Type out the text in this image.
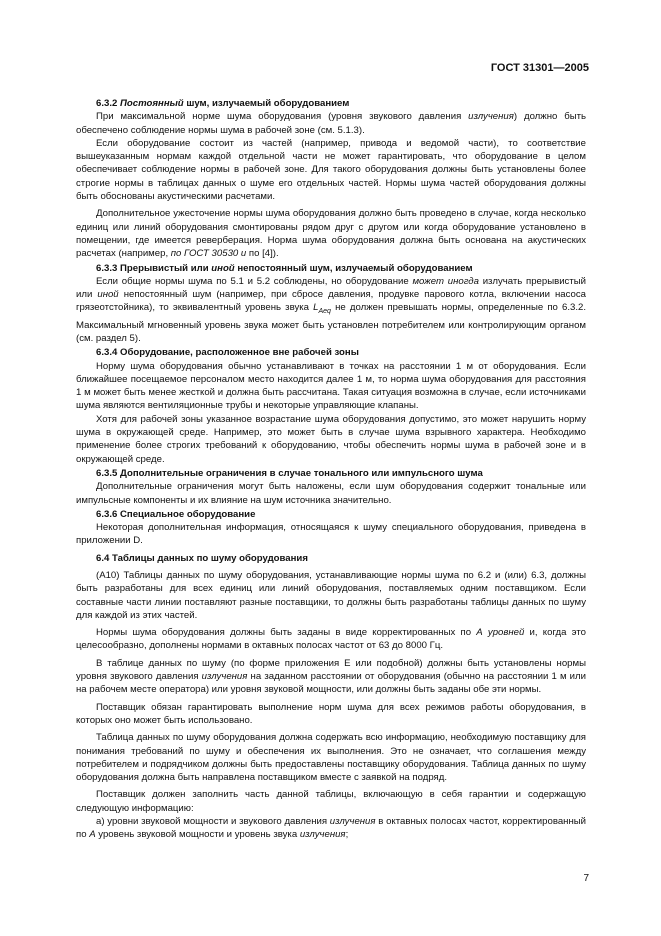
ГОСТ 31301—2005

6.3.2 Постоянный шум, излучаемый оборудованием

При максимальной норме шума оборудования (уровня звукового давления излучения) должно быть обеспечено соблюдение нормы шума в рабочей зоне (см. 5.1.3).

Если оборудование состоит из частей (например, привода и ведомой части), то соответствие вышеуказанным нормам каждой отдельной части не может гарантировать, что оборудование в целом обеспечивает соблюдение нормы в рабочей зоне. Для такого оборудования должны быть установлены более строгие нормы в таблицах данных о шуме его отдельных частей. Нормы шума частей оборудования должны быть обоснованы акустическими расчетами.

Дополнительное ужесточение нормы шума оборудования должно быть проведено в случае, когда несколько единиц или линий оборудования смонтированы рядом друг с другом или когда оборудование установлено в помещении, где имеется реверберация. Норма шума оборудования должна быть основана на акустических расчетах (например, по ГОСТ 30530 и по [4]).

6.3.3 Прерывистый или иной непостоянный шум, излучаемый оборудованием

Если общие нормы шума по 5.1 и 5.2 соблюдены, но оборудование может иногда излучать прерывистый или иной непостоянный шум (например, при сбросе давления, продувке парового котла, включении насоса грязеотстойника), то эквивалентный уровень звука $L_{Aeq}$ не должен превышать нормы, определенные по 6.3.2. Максимальный мгновенный уровень звука может быть установлен потребителем или контролирующим органом (см. раздел 5).

6.3.4 Оборудование, расположенное вне рабочей зоны

Норму шума оборудования обычно устанавливают в точках на расстоянии 1 м от оборудования. Если ближайшее посещаемое персоналом место находится далее 1 м, то норма шума оборудования для расстояния 1 м может быть менее жесткой и должна быть рассчитана. Такая ситуация возможна в случае, если источниками шума являются вентиляционные трубы и некоторые управляющие клапаны.

Хотя для рабочей зоны указанное возрастание шума оборудования допустимо, это может нарушить норму шума в окружающей среде. Например, это может быть в случае шума взрывного характера. Необходимо применение более строгих требований к оборудованию, чтобы обеспечить нормы шума в рабочей зоне и в окружающей среде.

6.3.5 Дополнительные ограничения в случае тонального или импульсного шума

Дополнительные ограничения могут быть наложены, если шум оборудования содержит тональные или импульсные компоненты и их влияние на шум источника значительно.

6.3.6 Специальное оборудование

Некоторая дополнительная информация, относящаяся к шуму специального оборудования, приведена в приложении D.

6.4 Таблицы данных по шуму оборудования

(А10) Таблицы данных по шуму оборудования, устанавливающие нормы шума по 6.2 и (или) 6.3, должны быть разработаны для всех единиц или линий оборудования, поставляемых одним поставщиком. Если составные части линии поставляют разные поставщики, то должны быть разработаны таблицы данных по шуму для каждой из этих частей.

Нормы шума оборудования должны быть заданы в виде корректированных по А уровней и, когда это целесообразно, дополнены нормами в октавных полосах частот от 63 до 8000 Гц.

В таблице данных по шуму (по форме приложения Е или подобной) должны быть установлены нормы уровня звукового давления излучения на заданном расстоянии от оборудования (обычно на расстоянии 1 м или на рабочем месте оператора) или уровня звуковой мощности, или должны быть заданы обе эти нормы.

Поставщик обязан гарантировать выполнение норм шума для всех режимов работы оборудования, в которых оно может быть использовано.

Таблица данных по шуму оборудования должна содержать всю информацию, необходимую поставщику для понимания требований по шуму и обеспечения их выполнения. Это не означает, что соглашения между потребителем и подрядчиком должны быть предоставлены поставщику оборудования. Таблица данных по шуму оборудования должна быть направлена поставщиком вместе с заявкой на подряд.

Поставщик должен заполнить часть данной таблицы, включающую в себя гарантии и содержащую следующую информацию:

а) уровни звуковой мощности и звукового давления излучения в октавных полосах частот, корректированный по А уровень звуковой мощности и уровень звука излучения;

7
